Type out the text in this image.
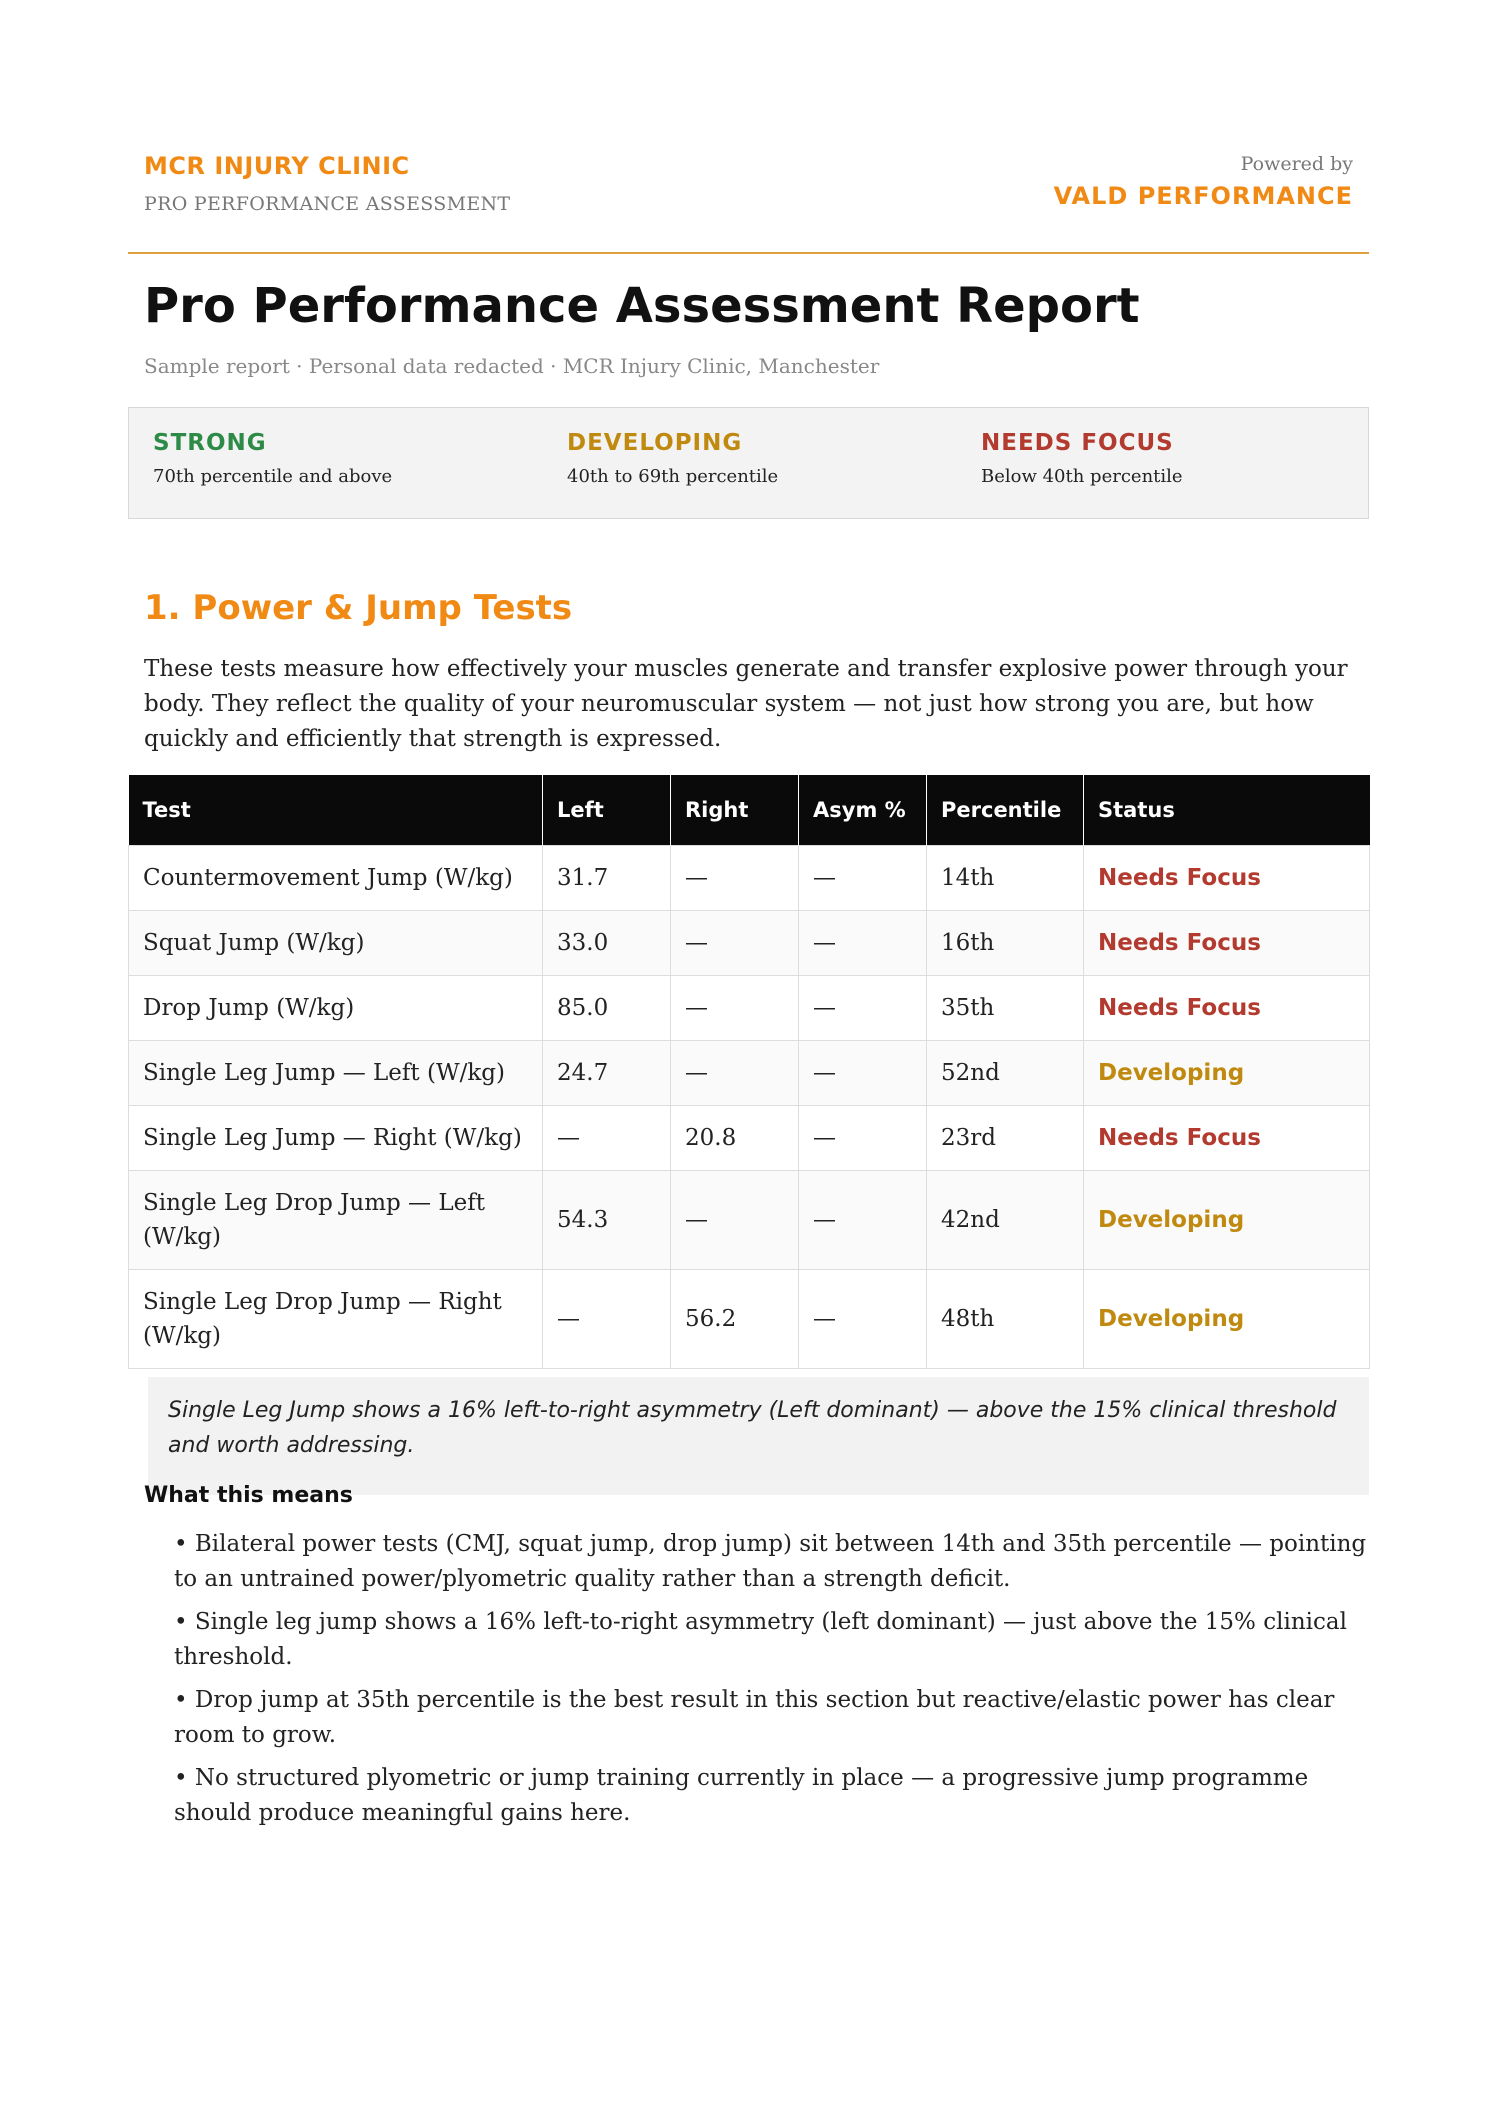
MCR INJURY CLINIC
PRO PERFORMANCE ASSESSMENT
Powered by
VALD PERFORMANCE
Pro Performance Assessment Report
Sample report · Personal data redacted · MCR Injury Clinic, Manchester
STRONG
70th percentile and above
DEVELOPING
40th to 69th percentile
NEEDS FOCUS
Below 40th percentile
1. Power & Jump Tests

These tests measure how effectively your muscles generate and transfer explosive power through your body. They reflect the quality of your neuromuscular system — not just how strong you are, but how quickly and efficiently that strength is expressed.

Test	Left	Right	Asym %	Percentile	Status
Countermovement Jump (W/kg)	31.7	—	—	14th	Needs Focus
Squat Jump (W/kg)	33.0	—	—	16th	Needs Focus
Drop Jump (W/kg)	85.0	—	—	35th	Needs Focus
Single Leg Jump — Left (W/kg)	24.7	—	—	52nd	Developing
Single Leg Jump — Right (W/kg)	—	20.8	—	23rd	Needs Focus
Single Leg Drop Jump — Left (W/kg)	54.3	—	—	42nd	Developing
Single Leg Drop Jump — Right (W/kg)	—	56.2	—	48th	Developing
Single Leg Jump shows a 16% left-to-right asymmetry (Left dominant) — above the 15% clinical threshold and worth addressing.
What this means
• Bilateral power tests (CMJ, squat jump, drop jump) sit between 14th and 35th percentile — pointing to an untrained power/plyometric quality rather than a strength deficit.
• Single leg jump shows a 16% left-to-right asymmetry (left dominant) — just above the 15% clinical threshold.
• Drop jump at 35th percentile is the best result in this section but reactive/elastic power has clear room to grow.
• No structured plyometric or jump training currently in place — a progressive jump programme should produce meaningful gains here.
